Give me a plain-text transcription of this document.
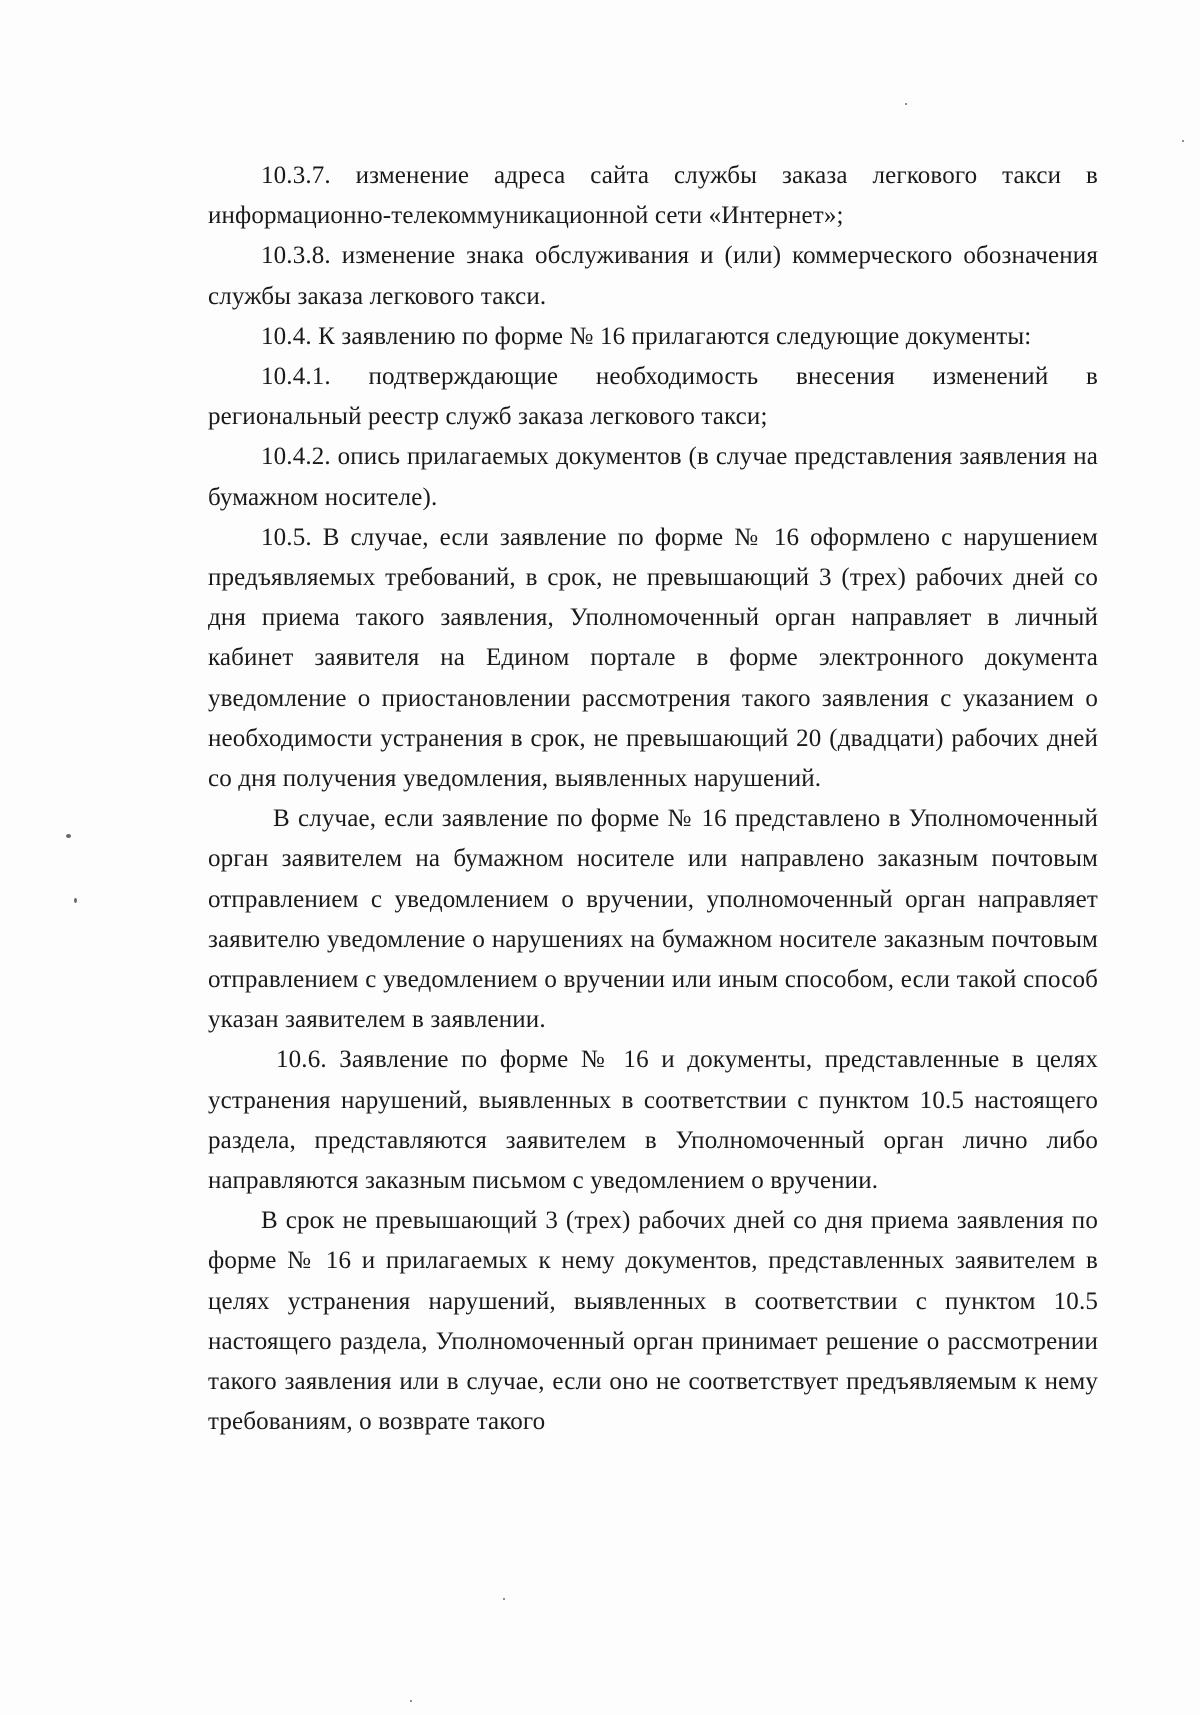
10.3.7. изменение адреса сайта службы заказа легкового такси в информационно-телекоммуникационной сети «Интернет»;

10.3.8. изменение знака обслуживания и (или) коммерческого обозначения службы заказа легкового такси.

10.4. К заявлению по форме № 16 прилагаются следующие документы:

10.4.1. подтверждающие необходимость внесения изменений в региональный реестр служб заказа легкового такси;

10.4.2. опись прилагаемых документов (в случае представления заявления на бумажном носителе).

10.5. В случае, если заявление по форме № 16 оформлено с нарушением предъявляемых требований, в срок, не превышающий 3 (трех) рабочих дней со дня приема такого заявления, Уполномоченный орган направляет в личный кабинет заявителя на Едином портале в форме электронного документа уведомление о приостановлении рассмотрения такого заявления с указанием о необходимости устранения в срок, не превышающий 20 (двадцати) рабочих дней со дня получения уведомления, выявленных нарушений.

В случае, если заявление по форме № 16 представлено в Уполномоченный орган заявителем на бумажном носителе или направлено заказным почтовым отправлением с уведомлением о вручении, уполномоченный орган направляет заявителю уведомление о нарушениях на бумажном носителе заказным почтовым отправлением с уведомлением о вручении или иным способом, если такой способ указан заявителем в заявлении.

10.6. Заявление по форме № 16 и документы, представленные в целях устранения нарушений, выявленных в соответствии с пунктом 10.5 настоящего раздела, представляются заявителем в Уполномоченный орган лично либо направляются заказным письмом с уведомлением о вручении.

В срок не превышающий 3 (трех) рабочих дней со дня приема заявления по форме № 16 и прилагаемых к нему документов, представленных заявителем в целях устранения нарушений, выявленных в соответствии с пунктом 10.5 настоящего раздела, Уполномоченный орган принимает решение о рассмотрении такого заявления или в случае, если оно не соответствует предъявляемым к нему требованиям, о возврате такого
